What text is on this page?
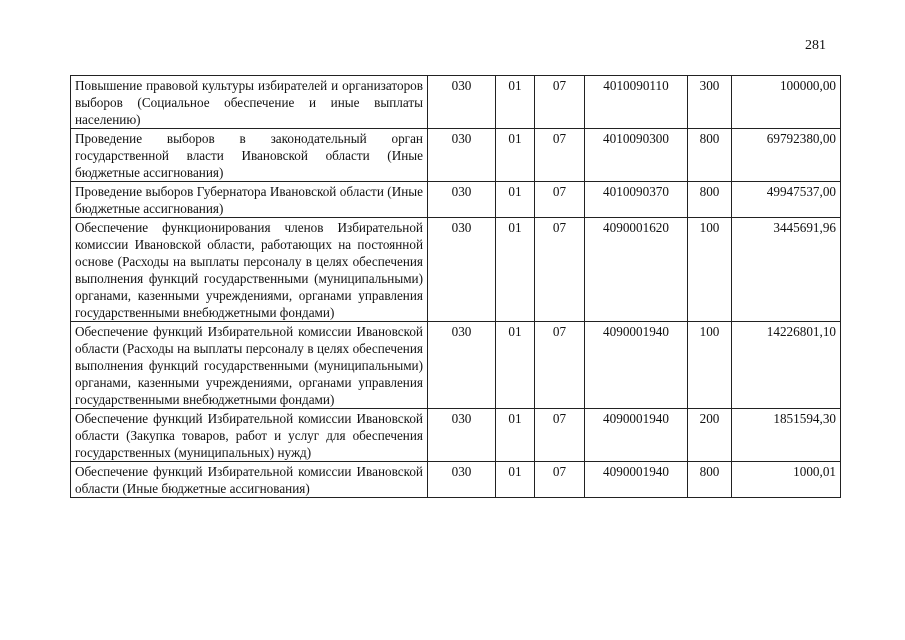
281
Повышение правовой культуры избирателей и организаторов выборов (Социальное обеспечение и иные выплаты населению)	030	01	07	4010090110	300	100000,00
Проведение выборов в законодательный орган государственной власти Ивановской области (Иные бюджетные ассигнования)	030	01	07	4010090300	800	69792380,00
Проведение выборов Губернатора Ивановской области (Иные бюджетные ассигнования)	030	01	07	4010090370	800	49947537,00
Обеспечение функционирования членов Избирательной комиссии Ивановской области, работающих на постоянной основе (Расходы на выплаты персоналу в целях обеспечения выполнения функций государственными (муниципальными) органами, казенными учреждениями, органами управления государственными внебюджетными фондами)	030	01	07	4090001620	100	3445691,96
Обеспечение функций Избирательной комиссии Ивановской области (Расходы на выплаты персоналу в целях обеспечения выполнения функций государственными (муниципальными) органами, казенными учреждениями, органами управления государственными внебюджетными фондами)	030	01	07	4090001940	100	14226801,10
Обеспечение функций Избирательной комиссии Ивановской области (Закупка товаров, работ и услуг для обеспечения государственных (муниципальных) нужд)	030	01	07	4090001940	200	1851594,30
Обеспечение функций Избирательной комиссии Ивановской области (Иные бюджетные ассигнования)	030	01	07	4090001940	800	1000,01
